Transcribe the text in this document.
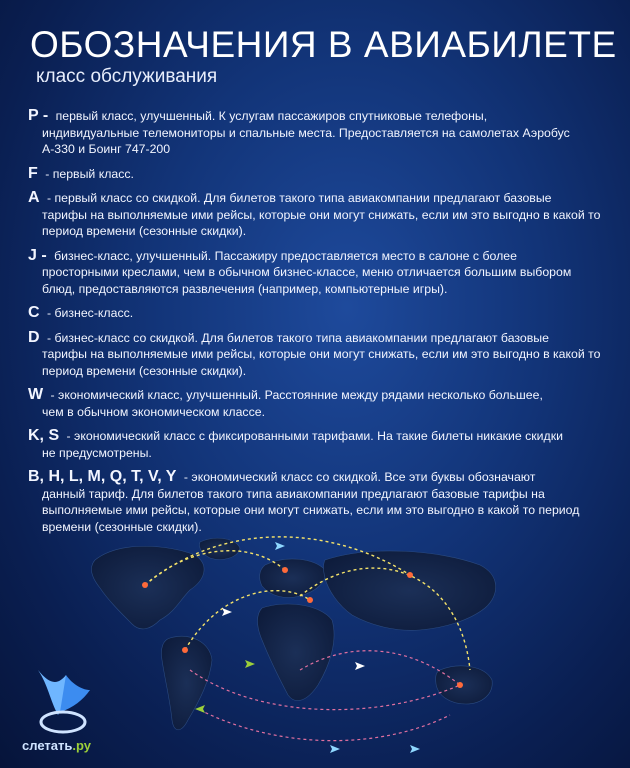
ОБОЗНАЧЕНИЯ В АВИАБИЛЕТЕ
класс обслуживания
P - первый класс, улучшенный. К услугам пассажиров спутниковые телефоны,
индивидуальные телемониторы и спальные места. Предоставляется на самолетах Аэробус А-330 и Боинг 747-200
F - первый класс.
A - первый класс со скидкой. Для билетов такого типа авиакомпании предлагают базовые
тарифы на выполняемые ими рейсы, которые они могут снижать, если им это выгодно в какой то период времени (сезонные скидки).
J - бизнес-класс, улучшенный. Пассажиру предоставляется место в салоне с более
просторными креслами, чем в обычном бизнес-классе, меню отличается большим выбором блюд, предоставляются развлечения (например, компьютерные игры).
C - бизнес-класс.
D - бизнес-класс со скидкой. Для билетов такого типа авиакомпании предлагают базовые
тарифы на выполняемые ими рейсы, которые они могут снижать, если им это выгодно в какой то период времени (сезонные скидки).
W - экономический класс, улучшенный. Расстоянние между рядами несколько большее,
чем в обычном экономическом классе.
K, S - экономический класс с фиксированными тарифами. На такие билеты никакие скидки
не предусмотрены.
B, H, L, M, Q, T, V, Y - экономический класс со скидкой. Все эти буквы обозначают
данный тариф. Для билетов такого типа авиакомпании предлагают базовые тарифы на выполняемые ими рейсы, которые они могут снижать, если им это выгодно в какой то период времени (сезонные скидки).
слетать.ру
